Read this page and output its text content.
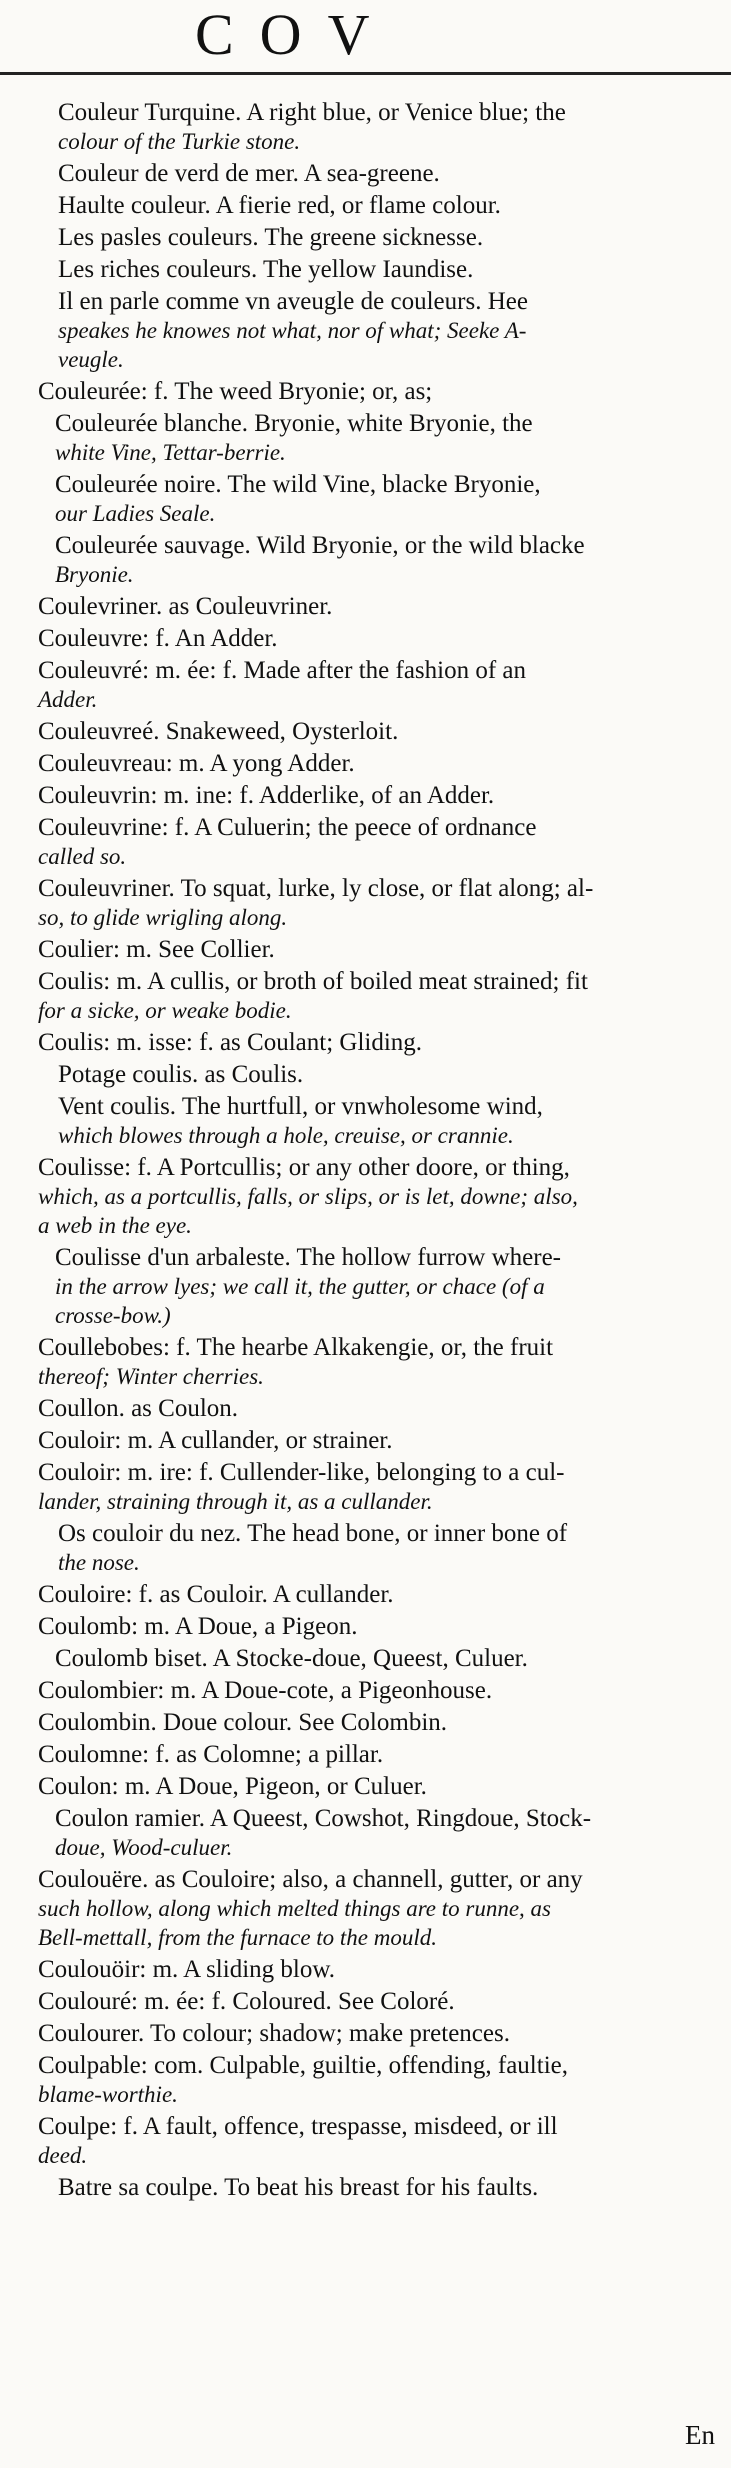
COV
Couleur Turquine. A right blue, or Venice blue; the
colour of the Turkie stone.
Couleur de verd de mer. A sea-greene.
Haulte couleur. A fierie red, or flame colour.
Les pasles couleurs. The greene sicknesse.
Les riches couleurs. The yellow Iaundise.
Il en parle comme vn aveugle de couleurs. Hee
speakes he knowes not what, nor of what; Seeke A-
veugle.
Couleurée: f. The weed Bryonie; or, as;
Couleurée blanche. Bryonie, white Bryonie, the
white Vine, Tettar-berrie.
Couleurée noire. The wild Vine, blacke Bryonie,
our Ladies Seale.
Couleurée sauvage. Wild Bryonie, or the wild blacke
Bryonie.
Coulevriner. as Couleuvriner.
Couleuvre: f. An Adder.
Couleuvré: m. ée: f. Made after the fashion of an
Adder.
Couleuvreé. Snakeweed, Oysterloit.
Couleuvreau: m. A yong Adder.
Couleuvrin: m. ine: f. Adderlike, of an Adder.
Couleuvrine: f. A Culuerin; the peece of ordnance
called so.
Couleuvriner. To squat, lurke, ly close, or flat along; al-
so, to glide wrigling along.
Coulier: m. See Collier.
Coulis: m. A cullis, or broth of boiled meat strained; fit
for a sicke, or weake bodie.
Coulis: m. isse: f. as Coulant; Gliding.
Potage coulis. as Coulis.
Vent coulis. The hurtfull, or vnwholesome wind,
which blowes through a hole, creuise, or crannie.
Coulisse: f. A Portcullis; or any other doore, or thing,
which, as a portcullis, falls, or slips, or is let, downe; also,
a web in the eye.
Coulisse d'un arbaleste. The hollow furrow where-
in the arrow lyes; we call it, the gutter, or chace (of a
crosse-bow.)
Coullebobes: f. The hearbe Alkakengie, or, the fruit
thereof; Winter cherries.
Coullon. as Coulon.
Couloir: m. A cullander, or strainer.
Couloir: m. ire: f. Cullender-like, belonging to a cul-
lander, straining through it, as a cullander.
Os couloir du nez. The head bone, or inner bone of
the nose.
Couloire: f. as Couloir. A cullander.
Coulomb: m. A Doue, a Pigeon.
Coulomb biset. A Stocke-doue, Queest, Culuer.
Coulombier: m. A Doue-cote, a Pigeonhouse.
Coulombin. Doue colour. See Colombin.
Coulomne: f. as Colomne; a pillar.
Coulon: m. A Doue, Pigeon, or Culuer.
Coulon ramier. A Queest, Cowshot, Ringdoue, Stock-
doue, Wood-culuer.
Coulouëre. as Couloire; also, a channell, gutter, or any
such hollow, along which melted things are to runne, as
Bell-mettall, from the furnace to the mould.
Coulouöir: m. A sliding blow.
Coulouré: m. ée: f. Coloured. See Coloré.
Coulourer. To colour; shadow; make pretences.
Coulpable: com. Culpable, guiltie, offending, faultie,
blame-worthie.
Coulpe: f. A fault, offence, trespasse, misdeed, or ill
deed.
Batre sa coulpe. To beat his breast for his faults.
En
